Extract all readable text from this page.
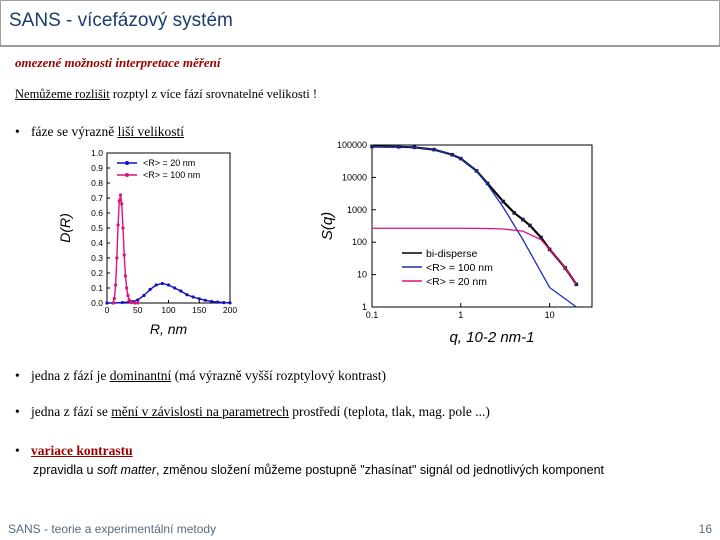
SANS - vícefázový systém
omezené možnosti interpretace měření
Nemůžeme rozlišit rozptyl z více fází srovnatelné velikosti !
• fáze se výrazně liší velikostí
0.0
0.1
0.2
0.3
0.4
0.5
0.6
0.7
0.8
0.9
1.0
0	50 100 150 200
R, nm
D(R)
<R> = 20 nm
<R> = 100 nm
1
10
100
1000
10000
100000
0.1	1	10
q, 10-2 nm-1
S(q)
bi-disperse
<R> = 100 nm
<R> = 20 nm
• jedna z fází je dominantní (má výrazně vyšší rozptylový kontrast)
• jedna z fází se mění v závislosti na parametrech prostředí (teplota, tlak, mag. pole ...)
• variace kontrastu
zpravidla u soft matter, změnou složení můžeme postupně "zhasínat" signál od jednotlivých komponent
SANS - teorie a experimentální metody	16
